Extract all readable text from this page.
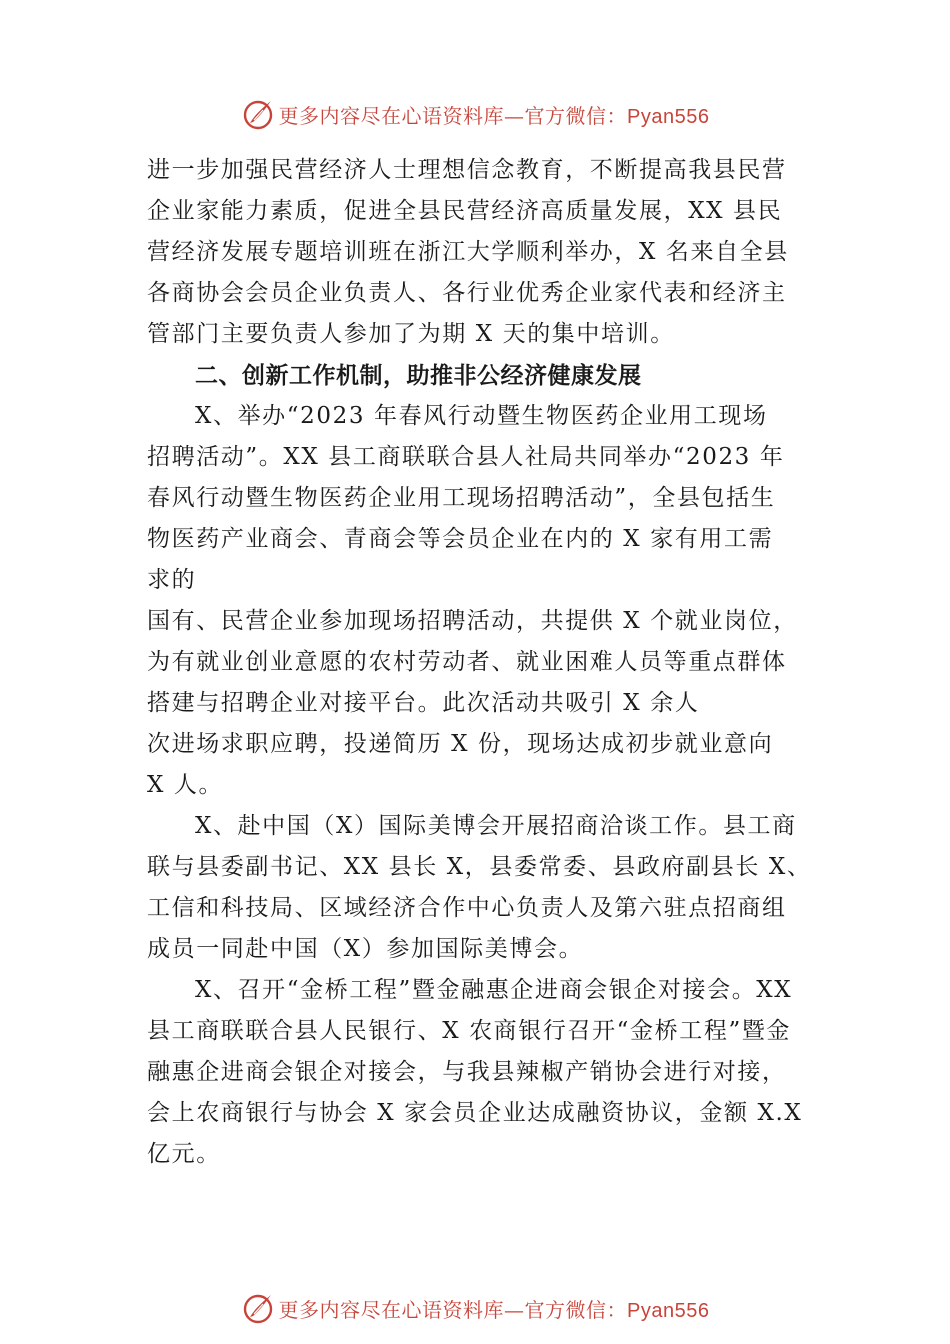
更多内容尽在心语资料库—官方微信：Pyan556
进一步加强民营经济人士理想信念教育，不断提高我县民营
企业家能力素质，促进全县民营经济高质量发展，XX 县民
营经济发展专题培训班在浙江大学顺利举办，X 名来自全县
各商协会会员企业负责人、各行业优秀企业家代表和经济主
管部门主要负责人参加了为期 X 天的集中培训。
二、创新工作机制，助推非公经济健康发展
X、举办“2023 年春风行动暨生物医药企业用工现场
招聘活动”。XX 县工商联联合县人社局共同举办“2023 年
春风行动暨生物医药企业用工现场招聘活动”，全县包括生
物医药产业商会、青商会等会员企业在内的 X 家有用工需
求的
国有、民营企业参加现场招聘活动，共提供 X 个就业岗位，
为有就业创业意愿的农村劳动者、就业困难人员等重点群体
搭建与招聘企业对接平台。此次活动共吸引 X 余人
次进场求职应聘，投递简历 X 份，现场达成初步就业意向
X 人。
X、赴中国（X）国际美博会开展招商洽谈工作。县工商
联与县委副书记、XX 县长 X，县委常委、县政府副县长 X、
工信和科技局、区域经济合作中心负责人及第六驻点招商组
成员一同赴中国（X）参加国际美博会。
X、召开“金桥工程”暨金融惠企进商会银企对接会。XX
县工商联联合县人民银行、X 农商银行召开“金桥工程”暨金
融惠企进商会银企对接会，与我县辣椒产销协会进行对接，
会上农商银行与协会 X 家会员企业达成融资协议，金额 X.X
亿元。
更多内容尽在心语资料库—官方微信：Pyan556
